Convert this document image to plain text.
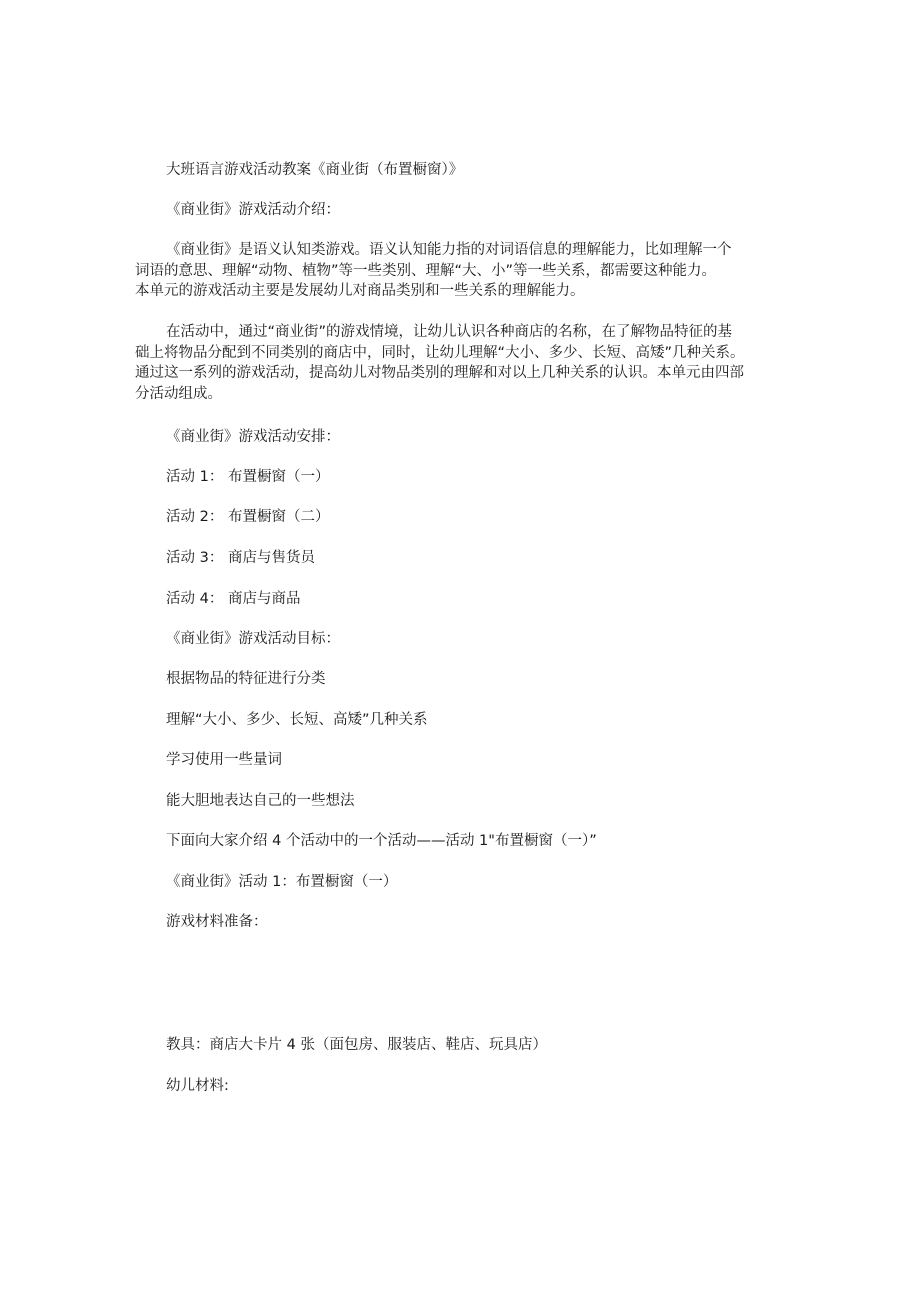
大班语言游戏活动教案《商业街（布置橱窗）》
《商业街》游戏活动介绍：
《商业街》是语义认知类游戏。语义认知能力指的对词语信息的理解能力，比如理解一个
词语的意思、理解“动物、植物”等一些类别、理解“大、小”等一些关系，都需要这种能力。
本单元的游戏活动主要是发展幼儿对商品类别和一些关系的理解能力。
在活动中，通过“商业街”的游戏情境，让幼儿认识各种商店的名称，在了解物品特征的基
础上将物品分配到不同类别的商店中，同时，让幼儿理解“大小、多少、长短、高矮”几种关系。
通过这一系列的游戏活动，提高幼儿对物品类别的理解和对以上几种关系的认识。本单元由四部
分活动组成。
《商业街》游戏活动安排：
活动 1： 布置橱窗（一）
活动 2： 布置橱窗（二）
活动 3： 商店与售货员
活动 4： 商店与商品
《商业街》游戏活动目标：
根据物品的特征进行分类
理解“大小、多少、长短、高矮”几种关系
学习使用一些量词
能大胆地表达自己的一些想法
下面向大家介绍 4 个活动中的一个活动——活动 1"布置橱窗（一）”
《商业街》活动 1：布置橱窗（一）
游戏材料准备：
教具：商店大卡片 4 张（面包房、服装店、鞋店、玩具店）
幼儿材料:
